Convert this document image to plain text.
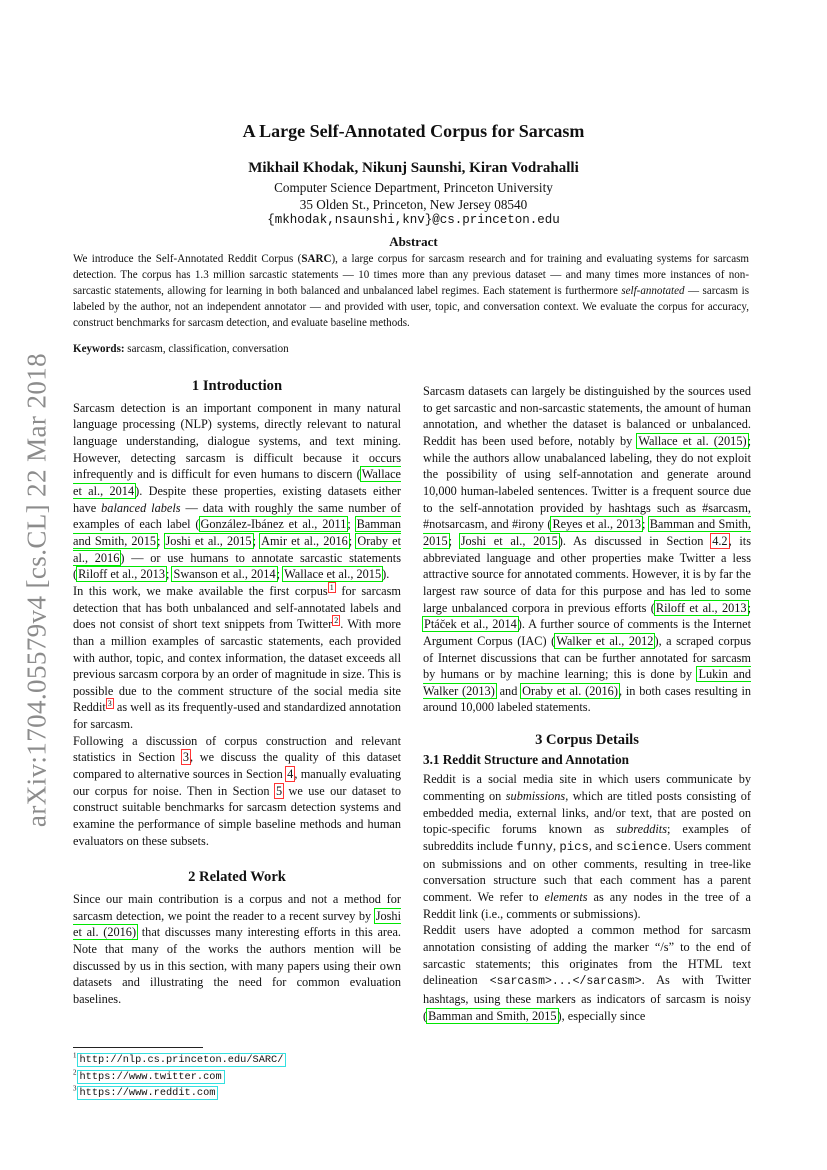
arXiv:1704.05579v4 [cs.CL] 22 Mar 2018
A Large Self-Annotated Corpus for Sarcasm
Mikhail Khodak, Nikunj Saunshi, Kiran Vodrahalli
Computer Science Department, Princeton University
35 Olden St., Princeton, New Jersey 08540
{mkhodak,nsaunshi,knv}@cs.princeton.edu
Abstract
We introduce the Self-Annotated Reddit Corpus (SARC), a large corpus for sarcasm research and for training and evaluating systems for sarcasm detection. The corpus has 1.3 million sarcastic statements — 10 times more than any previous dataset — and many times more instances of non-sarcastic statements, allowing for learning in both balanced and unbalanced label regimes. Each statement is furthermore self-annotated — sarcasm is labeled by the author, not an independent annotator — and provided with user, topic, and conversation context. We evaluate the corpus for accuracy, construct benchmarks for sarcasm detection, and evaluate baseline methods.
Keywords: sarcasm, classification, conversation
1 Introduction

Sarcasm detection is an important component in many natural language processing (NLP) systems, directly relevant to natural language understanding, dialogue systems, and text mining. However, detecting sarcasm is difficult because it occurs infrequently and is difficult for even humans to discern (Wallace et al., 2014). Despite these properties, existing datasets either have balanced labels — data with roughly the same number of examples of each label (González-Ibánez et al., 2011; Bamman and Smith, 2015; Joshi et al., 2015; Amir et al., 2016; Oraby et al., 2016) — or use humans to annotate sarcastic statements (Riloff et al., 2013; Swanson et al., 2014; Wallace et al., 2015).

In this work, we make available the first corpus $^1$ for sarcasm detection that has both unbalanced and self-annotated labels and does not consist of short text snippets from Twitter $^2$ . With more than a million examples of sarcastic statements, each provided with author, topic, and contex information, the dataset exceeds all previous sarcasm corpora by an order of magnitude in size. This is possible due to the comment structure of the social media site Reddit $^3$ as well as its frequently-used and standardized annotation for sarcasm.

Following a discussion of corpus construction and relevant statistics in Section 3, we discuss the quality of this dataset compared to alternative sources in Section 4, manually evaluating our corpus for noise. Then in Section 5 we use our dataset to construct suitable benchmarks for sarcasm detection systems and examine the performance of simple baseline methods and human evaluators on these subsets.

2 Related Work

Since our main contribution is a corpus and not a method for sarcasm detection, we point the reader to a recent survey by Joshi et al. (2016) that discusses many interesting efforts in this area. Note that many of the works the authors mention will be discussed by us in this section, with many papers using their own datasets and illustrating the need for common evaluation baselines.

Sarcasm datasets can largely be distinguished by the sources used to get sarcastic and non-sarcastic statements, the amount of human annotation, and whether the dataset is balanced or unbalanced. Reddit has been used before, notably by Wallace et al. (2015); while the authors allow unabalanced labeling, they do not exploit the possibility of using self-annotation and generate around 10,000 human-labeled sentences. Twitter is a frequent source due to the self-annotation provided by hashtags such as #sarcasm, #notsarcasm, and #irony (Reyes et al., 2013; Bamman and Smith, 2015; Joshi et al., 2015). As discussed in Section 4.2, its abbreviated language and other properties make Twitter a less attractive source for annotated comments. However, it is by far the largest raw source of data for this purpose and has led to some large unbalanced corpora in previous efforts (Riloff et al., 2013; Ptáček et al., 2014). A further source of comments is the Internet Argument Corpus (IAC) (Walker et al., 2012), a scraped corpus of Internet discussions that can be further annotated for sarcasm by humans or by machine learning; this is done by Lukin and Walker (2013) and Oraby et al. (2016), in both cases resulting in around 10,000 labeled statements.

3 Corpus Details
3.1 Reddit Structure and Annotation

Reddit is a social media site in which users communicate by commenting on submissions, which are titled posts consisting of embedded media, external links, and/or text, that are posted on topic-specific forums known as subreddits; examples of subreddits include funny, pics, and science. Users comment on submissions and on other comments, resulting in tree-like conversation structure such that each comment has a parent comment. We refer to elements as any nodes in the tree of a Reddit link (i.e., comments or submissions).

Reddit users have adopted a common method for sarcasm annotation consisting of adding the marker “/s” to the end of sarcastic statements; this originates from the HTML text delineation <sarcasm>...</sarcasm>. As with Twitter hashtags, using these markers as indicators of sarcasm is noisy (Bamman and Smith, 2015), especially since

$^1$ http://nlp.cs.princeton.edu/SARC/
$^2$ https://www.twitter.com
$^3$ https://www.reddit.com
